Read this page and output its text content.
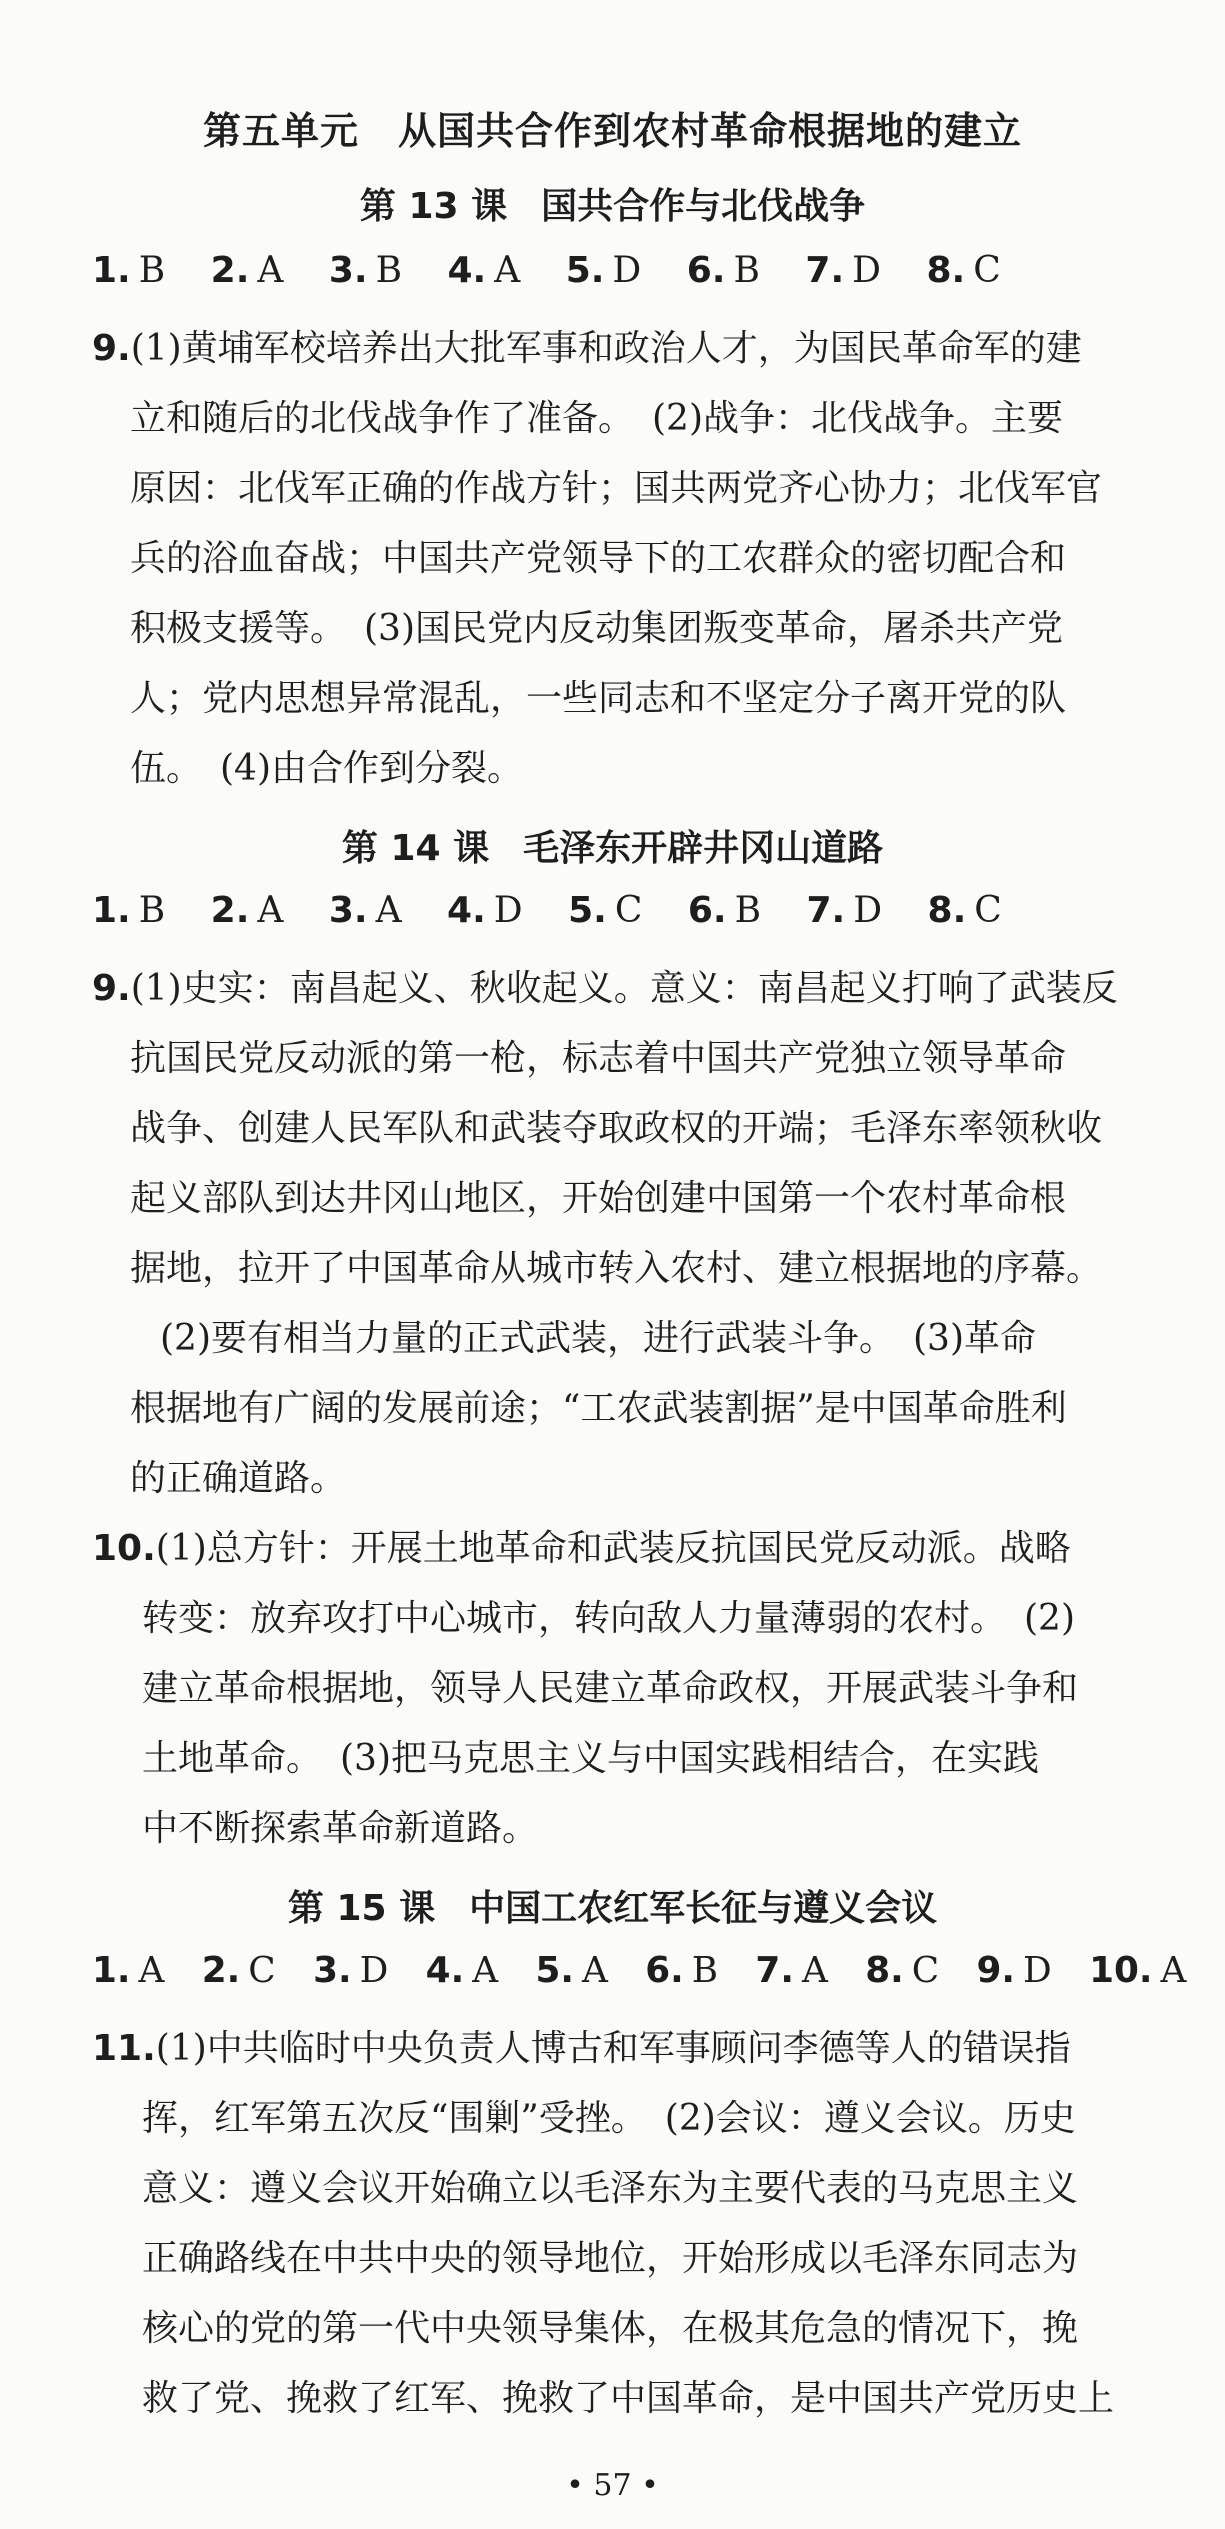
第五单元　从国共合作到农村革命根据地的建立
第 13 课 国共合作与北伐战争
1. B 2. A 3. B 4. A 5. D 6. B 7. D 8. C
9.(1)黄埔军校培养出大批军事和政治人才，为国民革命军的建
立和随后的北伐战争作了准备。　(2)战争：北伐战争。主要
原因：北伐军正确的作战方针；国共两党齐心协力；北伐军官
兵的浴血奋战；中国共产党领导下的工农群众的密切配合和
积极支援等。　(3)国民党内反动集团叛变革命，屠杀共产党
人；党内思想异常混乱，一些同志和不坚定分子离开党的队
伍。　(4)由合作到分裂。
第 14 课 毛泽东开辟井冈山道路
1. B 2. A 3. A 4. D 5. C 6. B 7. D 8. C
9.(1)史实：南昌起义、秋收起义。意义：南昌起义打响了武装反
抗国民党反动派的第一枪，标志着中国共产党独立领导革命
战争、创建人民军队和武装夺取政权的开端；毛泽东率领秋收
起义部队到达井冈山地区，开始创建中国第一个农村革命根
据地，拉开了中国革命从城市转入农村、建立根据地的序幕。
(2)要有相当力量的正式武装，进行武装斗争。　(3)革命
根据地有广阔的发展前途；“工农武装割据”是中国革命胜利
的正确道路。
10.(1)总方针：开展土地革命和武装反抗国民党反动派。战略
转变：放弃攻打中心城市，转向敌人力量薄弱的农村。　(2)
建立革命根据地，领导人民建立革命政权，开展武装斗争和
土地革命。　(3)把马克思主义与中国实践相结合，在实践
中不断探索革命新道路。
第 15 课 中国工农红军长征与遵义会议
1. A 2. C 3. D 4. A 5. A 6. B 7. A 8. C 9. D 10. A
11.(1)中共临时中央负责人博古和军事顾问李德等人的错误指
挥，红军第五次反“围剿”受挫。　(2)会议：遵义会议。历史
意义：遵义会议开始确立以毛泽东为主要代表的马克思主义
正确路线在中共中央的领导地位，开始形成以毛泽东同志为
核心的党的第一代中央领导集体，在极其危急的情况下，挽
救了党、挽救了红军、挽救了中国革命，是中国共产党历史上
• 57 •
